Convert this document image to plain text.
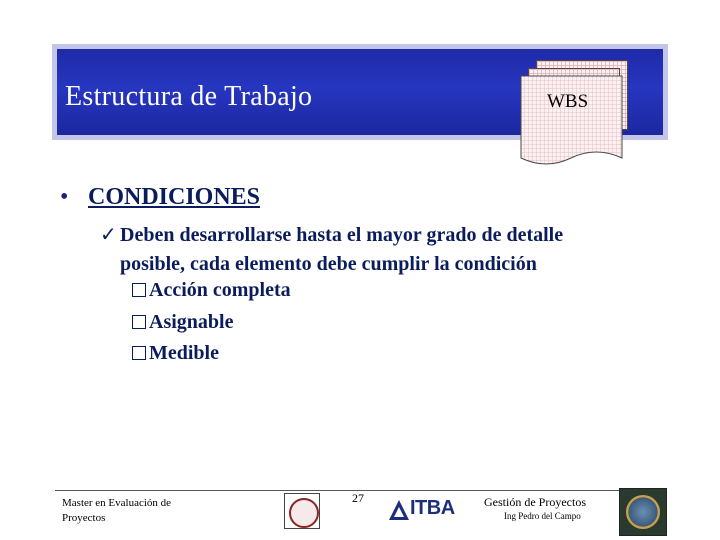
Estructura de Trabajo	WBS
• CONDICIONES
✓ Deben desarrollarse hasta el mayor grado de detalle
posible, cada elemento debe cumplir la condición
Acción completa
Asignable
Medible
Master en Evaluación de
Proyectos
27 ITBA Gestión de Proyectos
Ing Pedro del Campo
